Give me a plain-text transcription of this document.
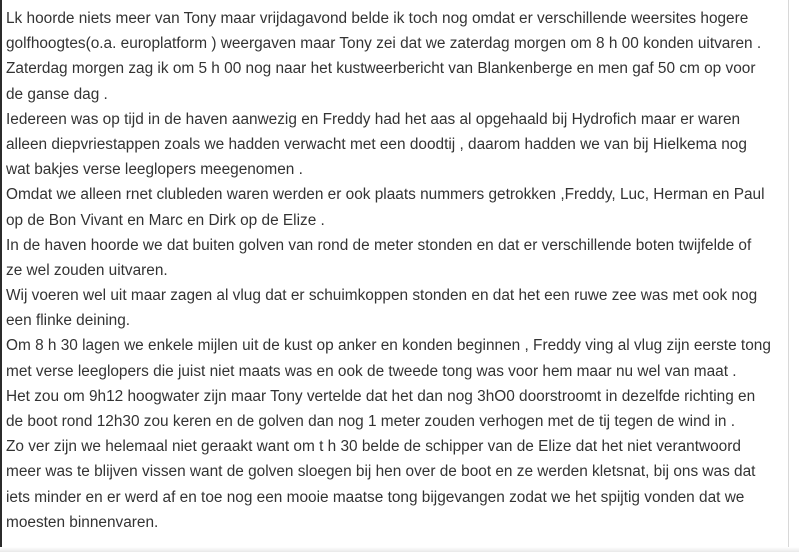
Lk hoorde niets meer van Tony maar vrijdagavond belde ik toch nog omdat er verschillende weersites hogere
golfhoogtes(o.a. europlatform ) weergaven maar Tony zei dat we zaterdag morgen om 8 h 00 konden uitvaren .
Zaterdag morgen zag ik om 5 h 00 nog naar het kustweerbericht van Blankenberge en men gaf 50 cm op voor
de ganse dag .
Iedereen was op tijd in de haven aanwezig en Freddy had het aas al opgehaald bij Hydrofich maar er waren
alleen diepvriestappen zoals we hadden verwacht met een doodtij , daarom hadden we van bij Hielkema nog
wat bakjes verse leeglopers meegenomen .
Omdat we alleen rnet clubleden waren werden er ook plaats nummers getrokken ,Freddy, Luc, Herman en Paul
op de Bon Vivant en Marc en Dirk op de Elize .
In de haven hoorde we dat buiten golven van rond de meter stonden en dat er verschillende boten twijfelde of
ze wel zouden uitvaren.
Wij voeren wel uit maar zagen al vlug dat er schuimkoppen stonden en dat het een ruwe zee was met ook nog
een flinke deining.
Om 8 h 30 lagen we enkele mijlen uit de kust op anker en konden beginnen , Freddy ving al vlug zijn eerste tong
met verse leeglopers die juist niet maats was en ook de tweede tong was voor hem maar nu wel van maat .
Het zou om 9h12 hoogwater zijn maar Tony vertelde dat het dan nog 3hO0 doorstroomt in dezelfde richting en
de boot rond 12h30 zou keren en de golven dan nog 1 meter zouden verhogen met de tij tegen de wind in .
Zo ver zijn we helemaal niet geraakt want om t h 30 belde de schipper van de Elize dat het niet verantwoord
meer was te blijven vissen want de golven sloegen bij hen over de boot en ze werden kletsnat, bij ons was dat
iets minder en er werd af en toe nog een mooie maatse tong bijgevangen zodat we het spijtig vonden dat we
moesten binnenvaren.
